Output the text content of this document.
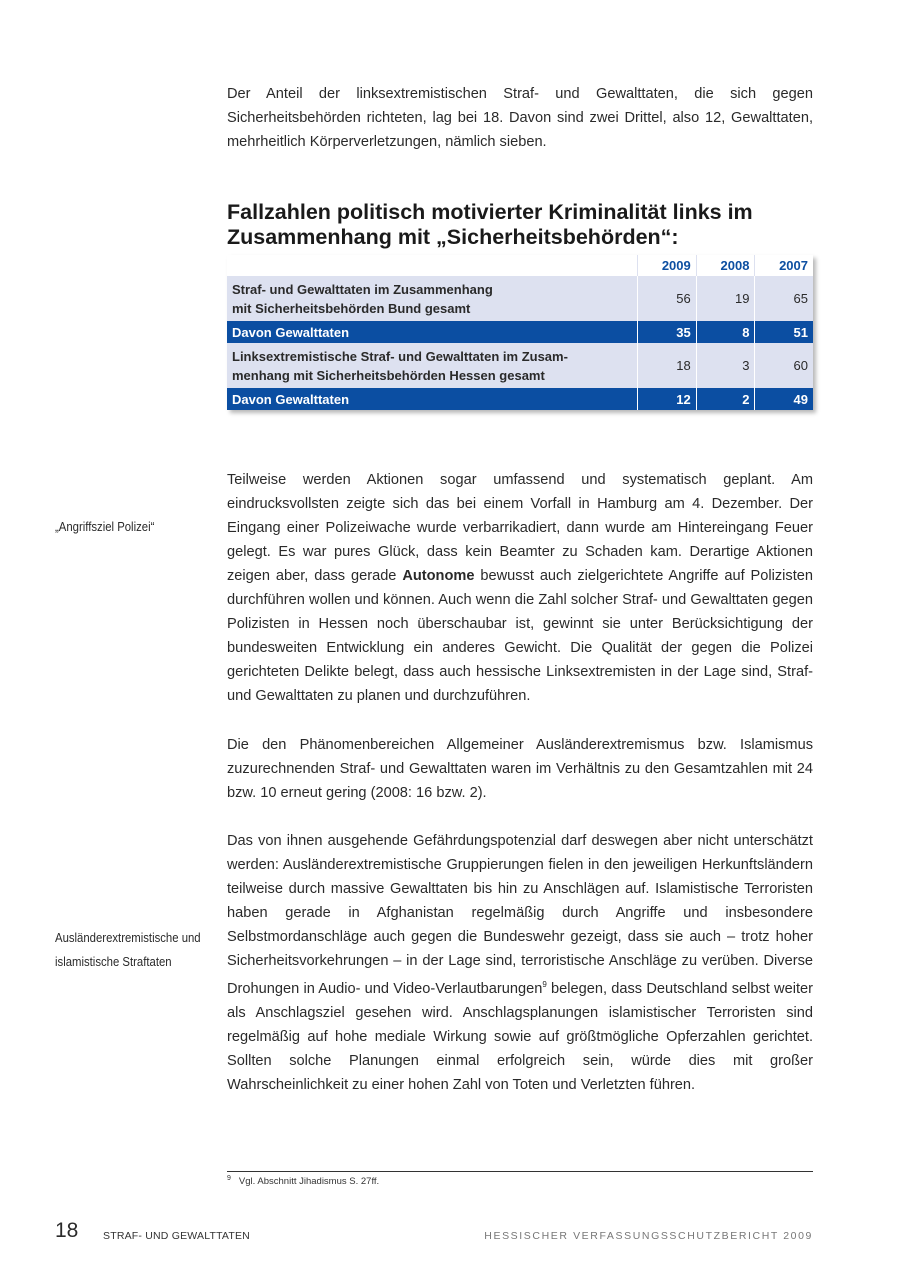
Der Anteil der linksextremistischen Straf- und Gewalttaten, die sich gegen Sicherheitsbehörden richteten, lag bei 18. Davon sind zwei Drittel, also 12, Gewalttaten, mehrheitlich Körperverletzungen, nämlich sieben.

Fallzahlen politisch motivierter Kriminalität links im
Zusammenhang mit „Sicherheitsbehörden“:
	2009	2008	2007
Straf- und Gewalttaten im Zusammenhang
mit Sicherheitsbehörden Bund gesamt	56	19	65
Davon Gewalttaten	35	8	51
Linksextremistische Straf- und Gewalttaten im Zusam-
menhang mit Sicherheitsbehörden Hessen gesamt	18	3	60
Davon Gewalttaten	12	2	49
„Angriffsziel Polizei“

Teilweise werden Aktionen sogar umfassend und systematisch geplant. Am eindrucksvollsten zeigte sich das bei einem Vorfall in Hamburg am 4. Dezember. Der Eingang einer Polizeiwache wurde verbarrikadiert, dann wurde am Hintereingang Feuer gelegt. Es war pures Glück, dass kein Beamter zu Schaden kam. Derartige Aktionen zeigen aber, dass gerade Autonome bewusst auch zielgerichtete Angriffe auf Polizisten durchführen wollen und können. Auch wenn die Zahl solcher Straf- und Gewalttaten gegen Polizisten in Hessen noch überschaubar ist, gewinnt sie unter Berücksichtigung der bundesweiten Entwicklung ein anderes Gewicht. Die Qualität der gegen die Polizei gerichteten Delikte belegt, dass auch hessische Linksextremisten in der Lage sind, Straf- und Gewalttaten zu planen und durchzuführen.

Die den Phänomenbereichen Allgemeiner Ausländerextremismus bzw. Islamismus zuzurechnenden Straf- und Gewalttaten waren im Verhältnis zu den Gesamtzahlen mit 24 bzw. 10 erneut gering (2008: 16 bzw. 2).

Ausländerextremistische und
islamistische Straftaten

Das von ihnen ausgehende Gefährdungspotenzial darf deswegen aber nicht unterschätzt werden: Ausländerextremistische Gruppierungen fielen in den jeweiligen Herkunftsländern teilweise durch massive Gewalttaten bis hin zu Anschlägen auf. Islamistische Terroristen haben gerade in Afghanistan regelmäßig durch Angriffe und insbesondere Selbstmordanschläge auch gegen die Bundeswehr gezeigt, dass sie auch – trotz hoher Sicherheitsvorkehrungen – in der Lage sind, terroristische Anschläge zu verüben. Diverse Drohungen in Audio- und Video-Verlautbarungen$^9$ belegen, dass Deutschland selbst weiter als Anschlagsziel gesehen wird. Anschlagsplanungen islamistischer Terroristen sind regelmäßig auf hohe mediale Wirkung sowie auf größtmögliche Opferzahlen gerichtet. Sollten solche Planungen einmal erfolgreich sein, würde dies mit großer Wahrscheinlichkeit zu einer hohen Zahl von Toten und Verletzten führen.

$^9$ Vgl. Abschnitt Jihadismus S. 27ff.
18 STRAF- UND GEWALTTATEN	HESSISCHER VERFASSUNGSSCHUTZBERICHT 2009
